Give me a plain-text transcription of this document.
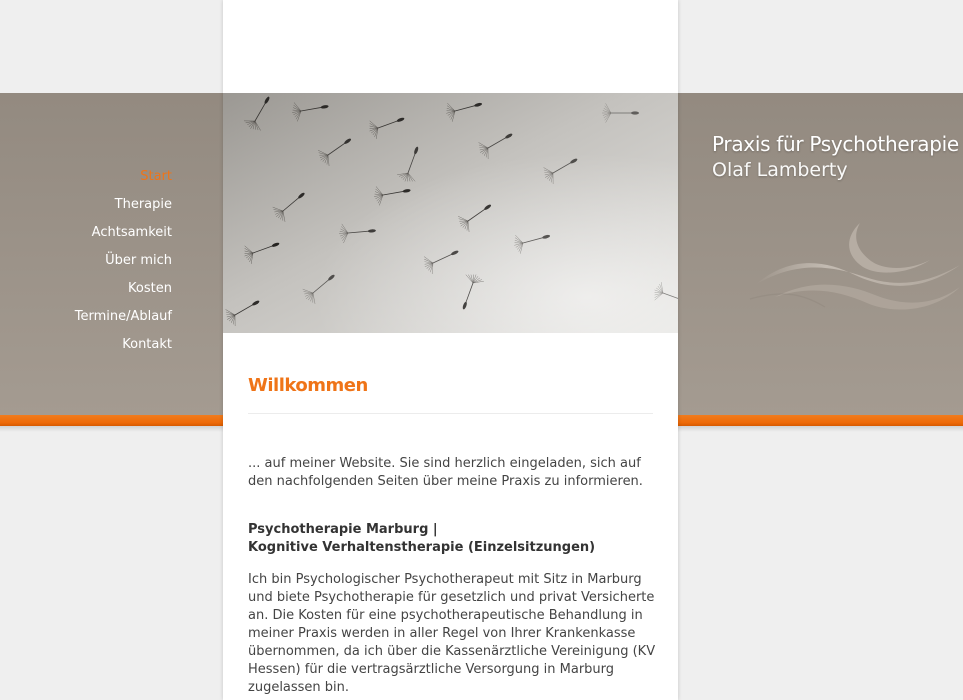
Start
Therapie
Achtsamkeit
Über mich
Kosten
Termine/Ablauf
Kontakt
Praxis für Psychotherapie
Olaf Lamberty
Willkommen

... auf meiner Website. Sie sind herzlich eingeladen, sich auf den nachfolgenden Seiten über meine Praxis zu informieren.

Psychotherapie Marburg |
Kognitive Verhaltenstherapie (Einzelsitzungen)

Ich bin Psychologischer Psychotherapeut mit Sitz in Marburg und biete Psychotherapie für gesetzlich und privat Versicherte an. Die Kosten für eine psychotherapeutische Behandlung in meiner Praxis werden in aller Regel von Ihrer Krankenkasse übernommen, da ich über die Kassenärztliche Vereinigung (KV Hessen) für die vertragsärztliche Versorgung in Marburg zugelassen bin.
